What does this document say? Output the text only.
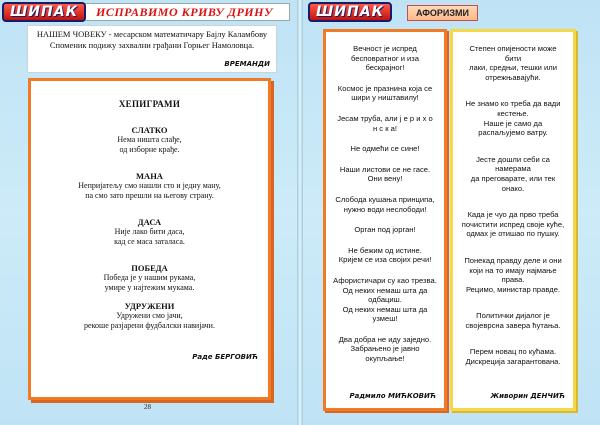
ШИПАК	ИСПРАВИМО КРИВУ ДРИНУ
НАШЕМ ЧОВЕКУ - месарском математичару Бајлу Каламбову
Споменик подижу захвални грађани Горњег Намоловца.
ВРЕМАНДИ
ХЕПИГРАМИ
СЛАТКО
Нема ништа слађе,
од изборне крађе.
МАНА
Непријатељу смо нашли сто и једну ману,
па смо зато прешли на његову страну.
ДАСА
Није лако бити даса,
кад се маса заталаса.
ПОБЕДА
Победа је у нашим рукама,
умире у најтежим мукама.
УДРУЖЕНИ
Удружени смо јачи,
рекоше разјарени фудбалски навијачи.
Раде БЕРГОВИЋ
28
ШИПАК	АФОРИЗМИ
Вечност је испред
бесповратног и иза
бескрајног!
Космос је празнина која се
шири у ништавилу!
Јесам труба, али ј е р и х о
н с к а!
Не одмећи се сине!
Наши листови се не гасе.
Они вену!
Слобода кушања принципа,
нужно води неслободи!
Орган под јорган!
Не бежим од истине.
Кријем се иза својих речи!
Афористичари су као трезва.
Од неких немаш шта да
одбациш.
Од неких немаш шта да
узмеш!
Два добра не иду заједно.
Забрањено је јавно
окупљање!
Радмило МИЋКОВИЋ
Степен опијености може
бити
лаки, средњи, тешки или
отрежњавајући.
Не знамо ко треба да вади
кестење.
Наше је само да
распаљујемо ватру.
Јесте дошли себи са
намерама
да преговарате, или тек
онако.
Када је чуо да прво треба
почистити испред своје куће,
одмах је отишао по пушку.
Понекад правду деле и они
који на то имају најмање
права.
Рецимо, министар правде.
Политички дијалог је
својеврсна завера ћутања.
Перем новац по кућама.
Дискреција загарантована.
Живорин ДЕНЧИЋ
